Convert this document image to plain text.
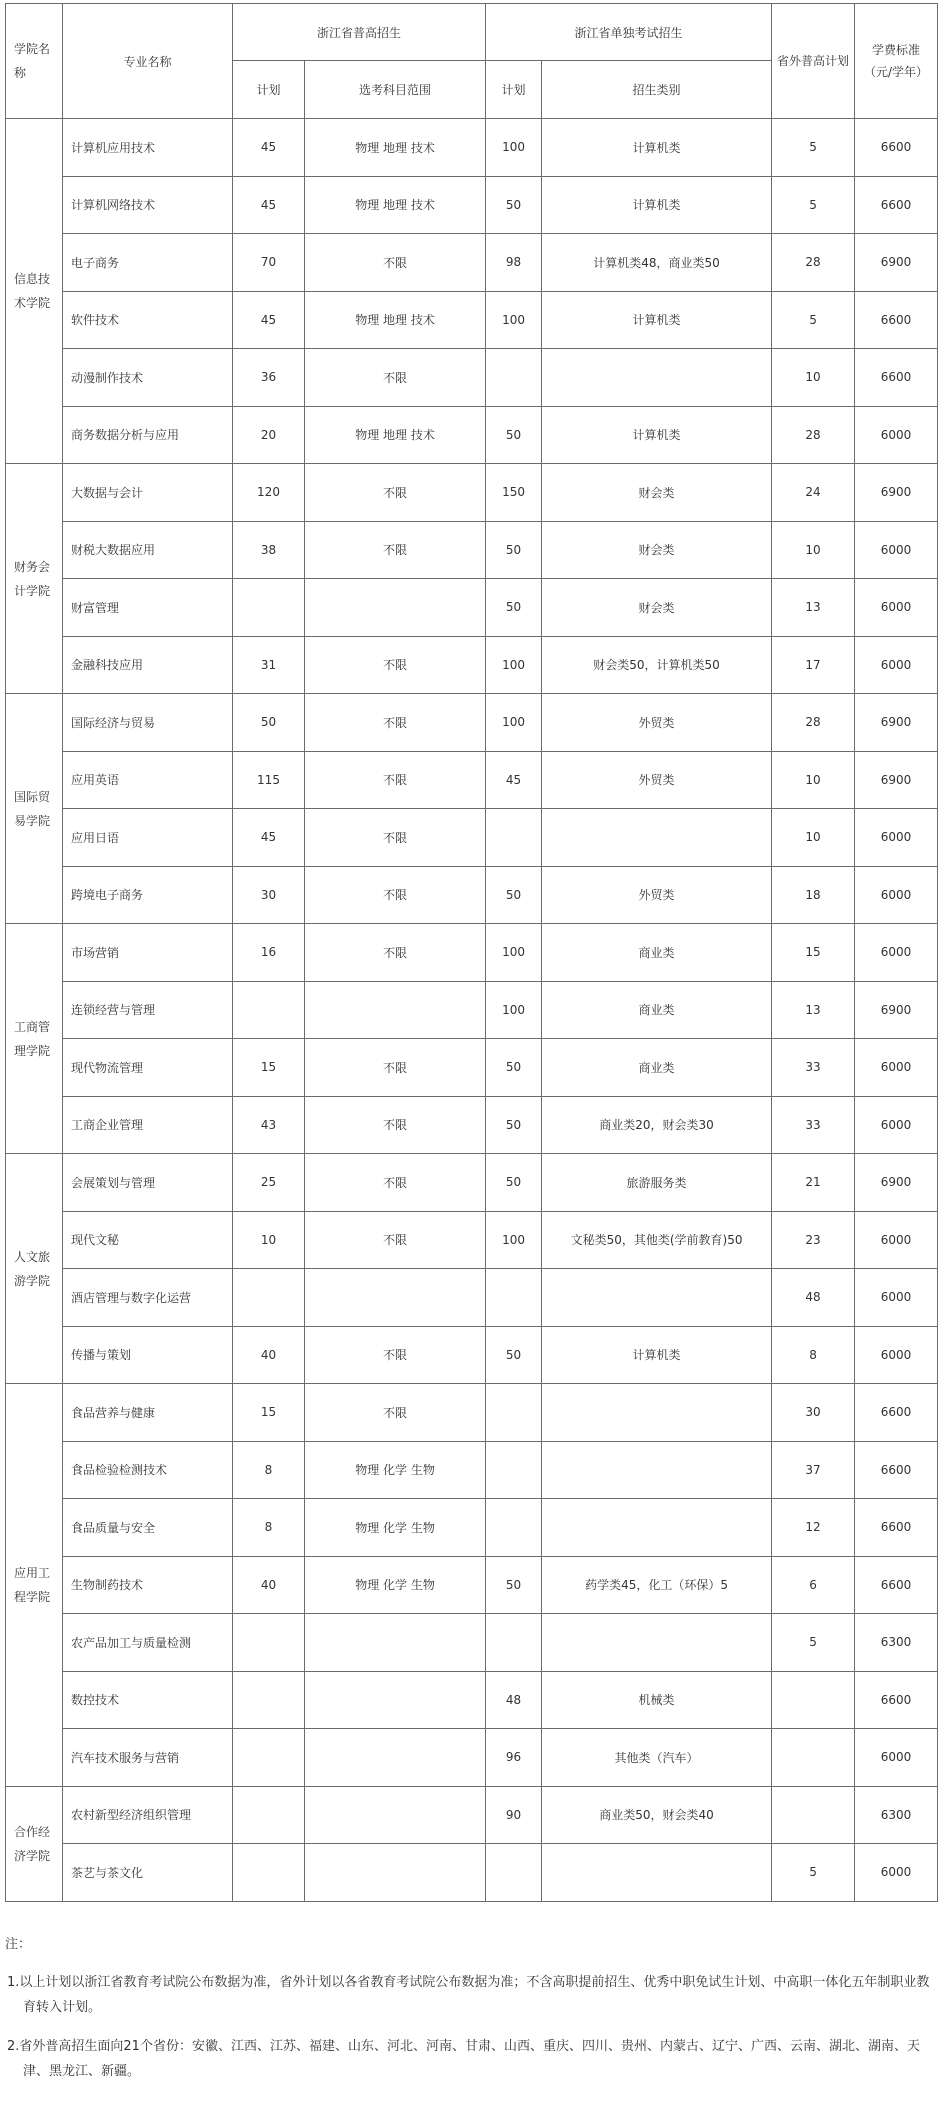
学院名称	专业名称	浙江省普高招生		浙江省单独考试招生		省外普高计划	学费标准（元/学年）
		计划	选考科目范围	计划	招生类别		
信息技术学院	计算机应用技术	45	物理 地理 技术	100	计算机类	5	6600
	计算机网络技术	45	物理 地理 技术	50	计算机类	5	6600
	电子商务	70	不限	98	计算机类48，商业类50	28	6900
	软件技术	45	物理 地理 技术	100	计算机类	5	6600
	动漫制作技术	36	不限			10	6600
	商务数据分析与应用	20	物理 地理 技术	50	计算机类	28	6000
财务会计学院	大数据与会计	120	不限	150	财会类	24	6900
	财税大数据应用	38	不限	50	财会类	10	6000
	财富管理			50	财会类	13	6000
	金融科技应用	31	不限	100	财会类50，计算机类50	17	6000
国际贸易学院	国际经济与贸易	50	不限	100	外贸类	28	6900
	应用英语	115	不限	45	外贸类	10	6900
	应用日语	45	不限			10	6000
	跨境电子商务	30	不限	50	外贸类	18	6000
工商管理学院	市场营销	16	不限	100	商业类	15	6000
	连锁经营与管理			100	商业类	13	6900
	现代物流管理	15	不限	50	商业类	33	6000
	工商企业管理	43	不限	50	商业类20，财会类30	33	6000
人文旅游学院	会展策划与管理	25	不限	50	旅游服务类	21	6900
	现代文秘	10	不限	100	文秘类50，其他类(学前教育)50	23	6000
	酒店管理与数字化运营					48	6000
	传播与策划	40	不限	50	计算机类	8	6000
应用工程学院	食品营养与健康	15	不限			30	6600
	食品检验检测技术	8	物理 化学 生物			37	6600
	食品质量与安全	8	物理 化学 生物			12	6600
	生物制药技术	40	物理 化学 生物	50	药学类45，化工（环保）5	6	6600
	农产品加工与质量检测					5	6300
	数控技术			48	机械类		6600
	汽车技术服务与营销			96	其他类（汽车）		6000
合作经济学院	农村新型经济组织管理			90	商业类50，财会类40		6300
	茶艺与茶文化					5	6000

注：

1.以上计划以浙江省教育考试院公布数据为准，省外计划以各省教育考试院公布数据为准；不含高职提前招生、优秀中职免试生计划、中高职一体化五年制职业教育转入计划。

2.省外普高招生面向21个省份：安徽、江西、江苏、福建、山东、河北、河南、甘肃、山西、重庆、四川、贵州、内蒙古、辽宁、广西、云南、湖北、湖南、天津、黑龙江、新疆。
